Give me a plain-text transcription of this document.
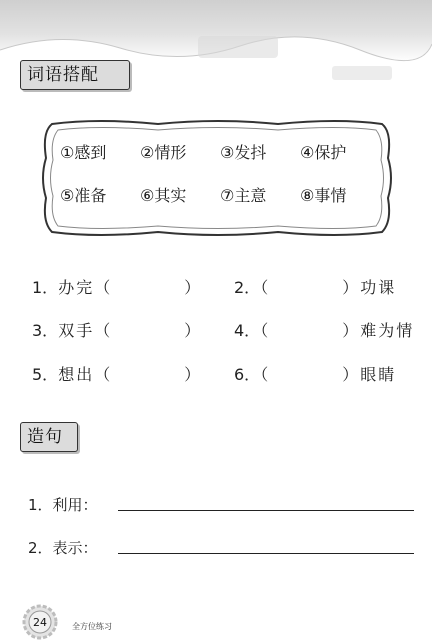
词语搭配
①感到	②情形	③发抖	④保护
⑤准备	⑥其实	⑦主意	⑧事情
1．办完（　　　　） 2．（　　　　）功课
3．双手（　　　　） 4．（　　　　）难为情
5．想出（　　　　） 6．（　　　　）眼睛
造句
1．利用：
2．表示：
24	全方位练习
